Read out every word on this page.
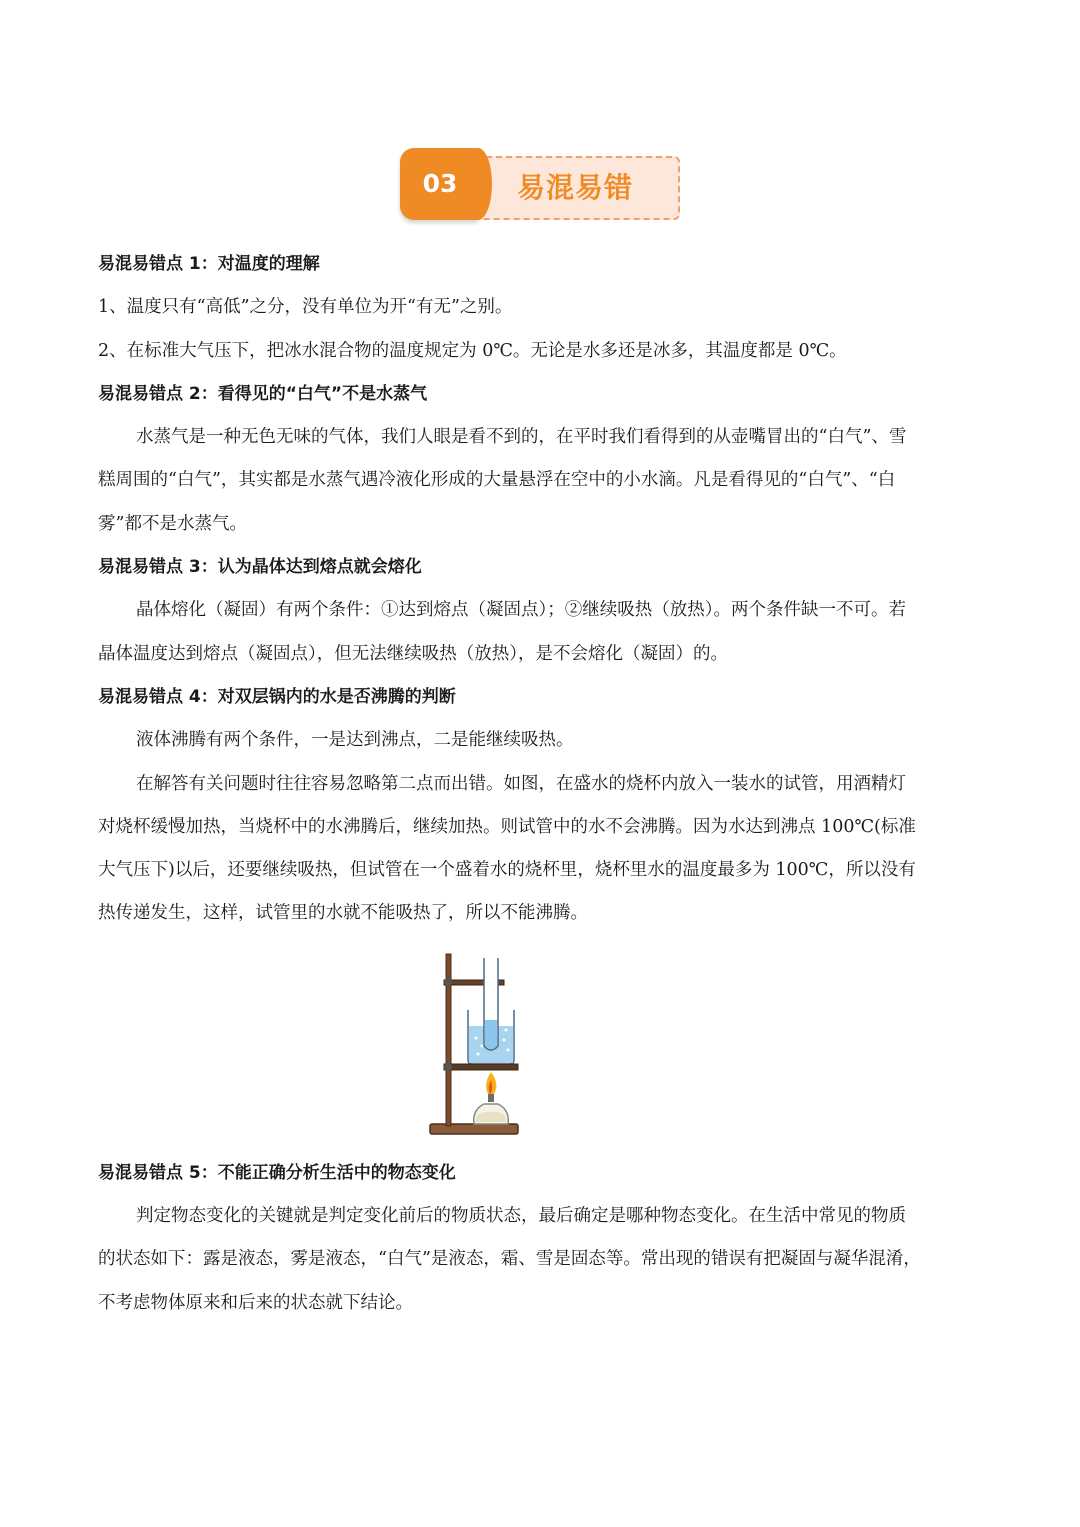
03	易混易错

易混易错点 1：对温度的理解

1、温度只有“高低”之分，没有单位为开“有无”之别。

2、在标准大气压下，把冰水混合物的温度规定为 0℃。无论是水多还是冰多，其温度都是 0℃。

易混易错点 2：看得见的“白气”不是水蒸气

水蒸气是一种无色无味的气体，我们人眼是看不到的，在平时我们看得到的从壶嘴冒出的“白气”、雪

糕周围的“白气”，其实都是水蒸气遇冷液化形成的大量悬浮在空中的小水滴。凡是看得见的“白气”、“白

雾”都不是水蒸气。

易混易错点 3：认为晶体达到熔点就会熔化

晶体熔化（凝固）有两个条件：①达到熔点（凝固点）；②继续吸热（放热）。两个条件缺一不可。若

晶体温度达到熔点（凝固点），但无法继续吸热（放热），是不会熔化（凝固）的。

易混易错点 4：对双层锅内的水是否沸腾的判断

液体沸腾有两个条件，一是达到沸点，二是能继续吸热。

在解答有关问题时往往容易忽略第二点而出错。如图，在盛水的烧杯内放入一装水的试管，用酒精灯

对烧杯缓慢加热，当烧杯中的水沸腾后，继续加热。则试管中的水不会沸腾。因为水达到沸点 100℃(标准

大气压下)以后，还要继续吸热，但试管在一个盛着水的烧杯里，烧杯里水的温度最多为 100℃，所以没有

热传递发生，这样，试管里的水就不能吸热了，所以不能沸腾。

易混易错点 5：不能正确分析生活中的物态变化

判定物态变化的关键就是判定变化前后的物质状态，最后确定是哪种物态变化。在生活中常见的物质

的状态如下：露是液态，雾是液态，“白气”是液态，霜、雪是固态等。常出现的错误有把凝固与凝华混淆，

不考虑物体原来和后来的状态就下结论。
